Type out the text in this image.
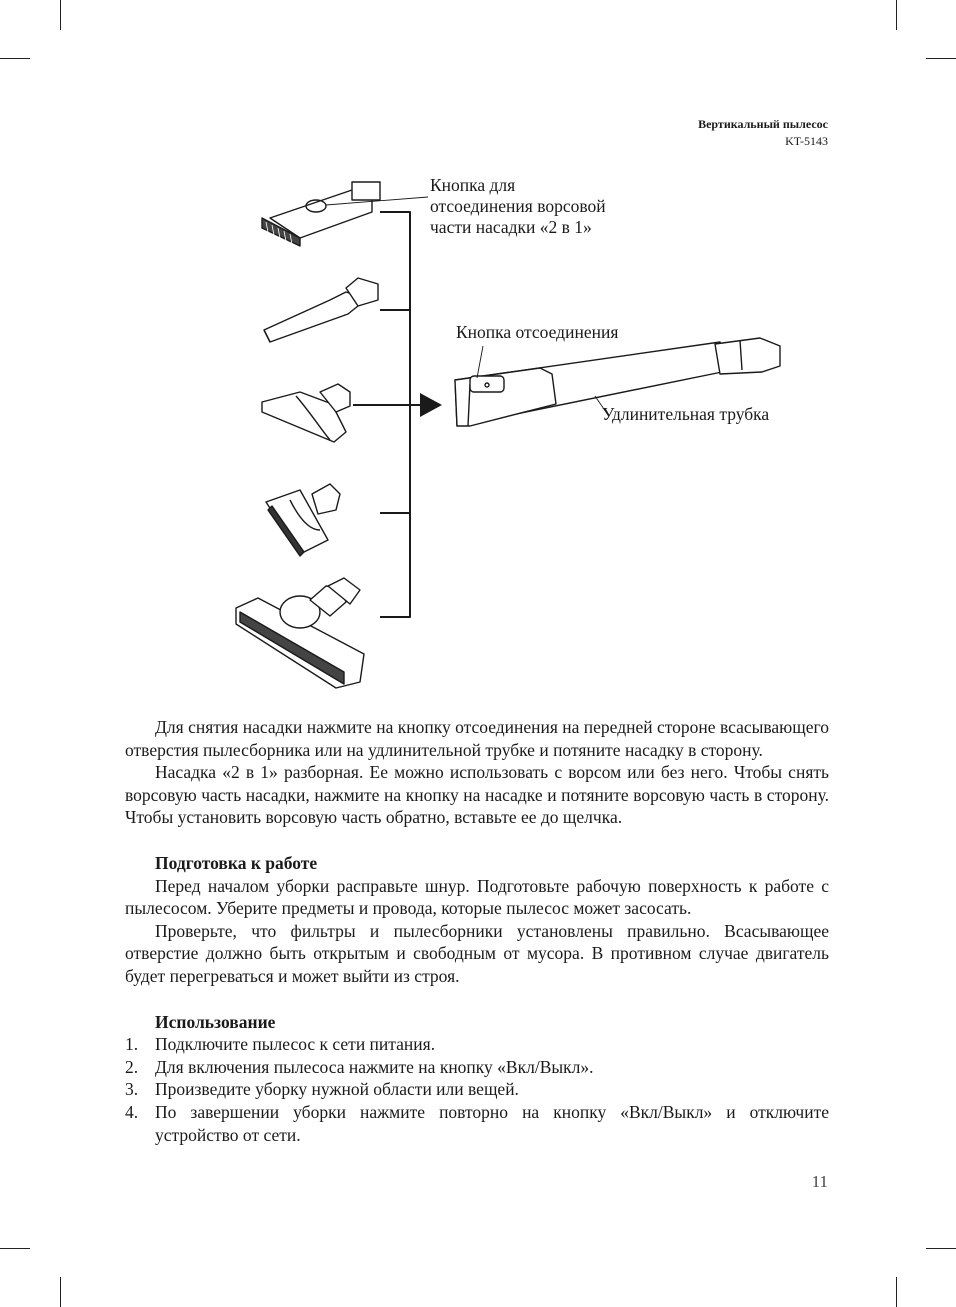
Вертикальный пылесос
KT-5143
Кнопка для
отсоединения ворсовой
части насадки «2 в 1»
Кнопка отсоединения
Удлинительная трубка

Для снятия насадки нажмите на кнопку отсоединения на передней стороне всасывающего отверстия пылесборника или на удлинительной трубке и потяните насадку в сторону.

Насадка «2 в 1» разборная. Ее можно использовать с ворсом или без него. Чтобы снять ворсовую часть насадки, нажмите на кнопку на насадке и потяните ворсовую часть в сторону. Чтобы установить ворсовую часть обратно, вставьте ее до щелчка.

Подготовка к работе

Перед началом уборки расправьте шнур. Подготовьте рабочую поверхность к работе с пылесосом. Уберите предметы и провода, которые пылесос может засосать.

Проверьте, что фильтры и пылесборники установлены правильно. Всасывающее отверстие должно быть открытым и свободным от мусора. В противном случае двигатель будет перегреваться и может выйти из строя.

Использование
1. Подключите пылесос к сети питания.
2. Для включения пылесоса нажмите на кнопку «Вкл/Выкл».
3. Произведите уборку нужной области или вещей.
4. По завершении уборки нажмите повторно на кнопку «Вкл/Выкл» и отключите устройство от сети.
11
